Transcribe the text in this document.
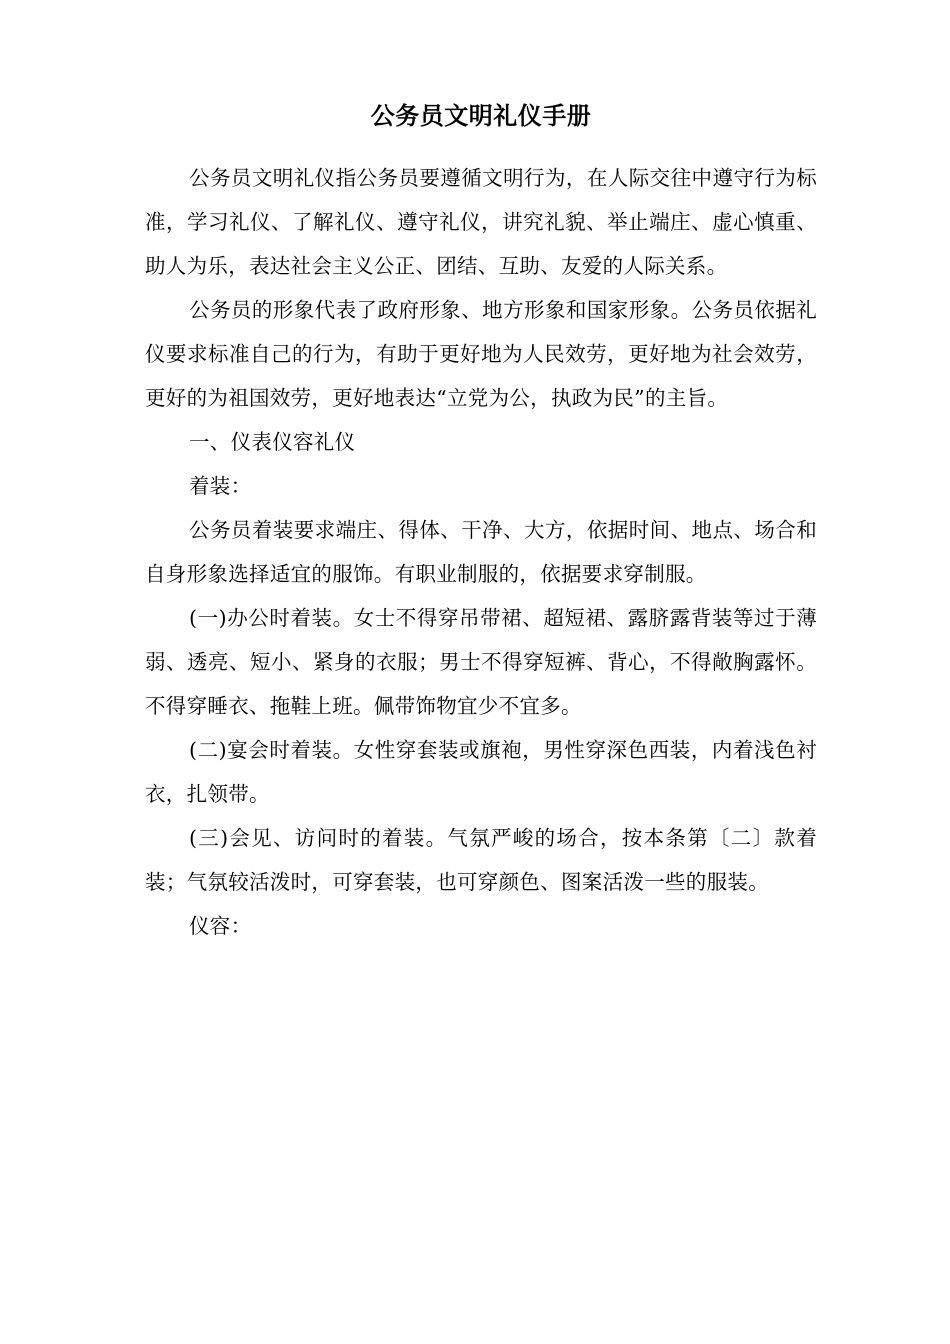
公务员文明礼仪手册

公务员文明礼仪指公务员要遵循文明行为，在人际交往中遵守行为标准，学习礼仪、了解礼仪、遵守礼仪，讲究礼貌、举止端庄、虚心慎重、助人为乐，表达社会主义公正、团结、互助、友爱的人际关系。

公务员的形象代表了政府形象、地方形象和国家形象。公务员依据礼仪要求标准自己的行为，有助于更好地为人民效劳，更好地为社会效劳，更好的为祖国效劳，更好地表达“立党为公，执政为民”的主旨。

一、仪表仪容礼仪

着装：

公务员着装要求端庄、得体、干净、大方，依据时间、地点、场合和自身形象选择适宜的服饰。有职业制服的，依据要求穿制服。

(一)办公时着装。女士不得穿吊带裙、超短裙、露脐露背装等过于薄弱、透亮、短小、紧身的衣服；男士不得穿短裤、背心，不得敞胸露怀。不得穿睡衣、拖鞋上班。佩带饰物宜少不宜多。

(二)宴会时着装。女性穿套装或旗袍，男性穿深色西装，内着浅色衬衣，扎领带。

(三)会见、访问时的着装。气氛严峻的场合，按本条第〔二〕款着装；气氛较活泼时，可穿套装，也可穿颜色、图案活泼一些的服装。

仪容：
